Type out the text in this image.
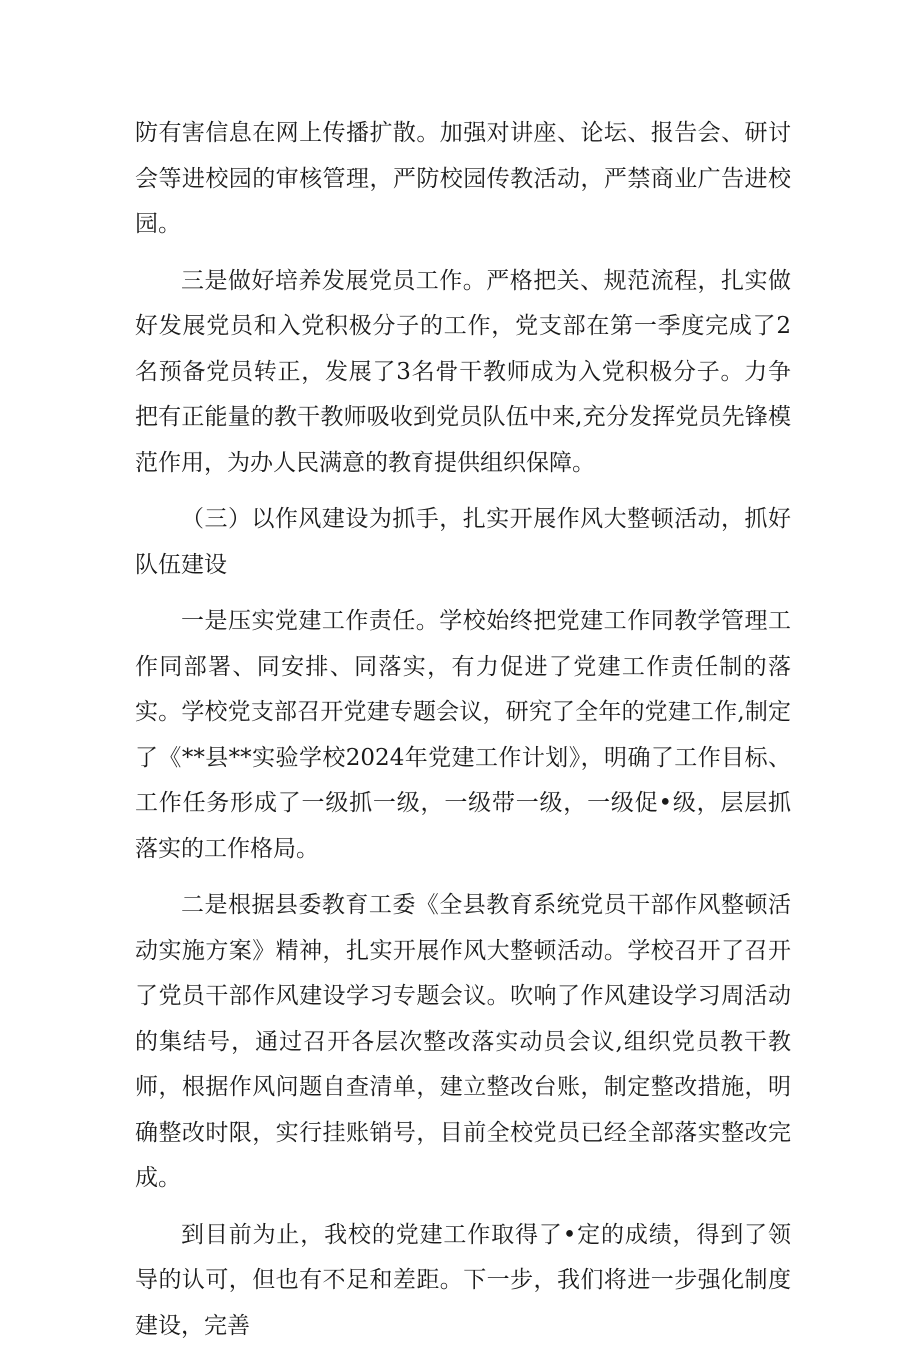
防有害信息在网上传播扩散。加强对讲座、论坛、报告会、研讨会等进校园的审核管理，严防校园传教活动，严禁商业广告进校园。

三是做好培养发展党员工作。严格把关、规范流程，扎实做好发展党员和入党积极分子的工作，党支部在第一季度完成了2名预备党员转正，发展了3名骨干教师成为入党积极分子。力争把有正能量的教干教师吸收到党员队伍中来,充分发挥党员先锋模范作用，为办人民满意的教育提供组织保障。

（三）以作风建设为抓手，扎实开展作风大整顿活动，抓好队伍建设

一是压实党建工作责任。学校始终把党建工作同教学管理工作同部署、同安排、同落实，有力促进了党建工作责任制的落实。学校党支部召开党建专题会议，研究了全年的党建工作,制定了《**县**实验学校2024年党建工作计划》，明确了工作目标、工作任务形成了一级抓一级，一级带一级，一级促•级，层层抓落实的工作格局。

二是根据县委教育工委《全县教育系统党员干部作风整顿活动实施方案》精神，扎实开展作风大整顿活动。学校召开了召开了党员干部作风建设学习专题会议。吹响了作风建设学习周活动的集结号，通过召开各层次整改落实动员会议,组织党员教干教师，根据作风问题自查清单，建立整改台账，制定整改措施，明确整改时限，实行挂账销号，目前全校党员已经全部落实整改完成。

到目前为止，我校的党建工作取得了•定的成绩，得到了领导的认可，但也有不足和差距。下一步，我们将进一步强化制度建设，完善
